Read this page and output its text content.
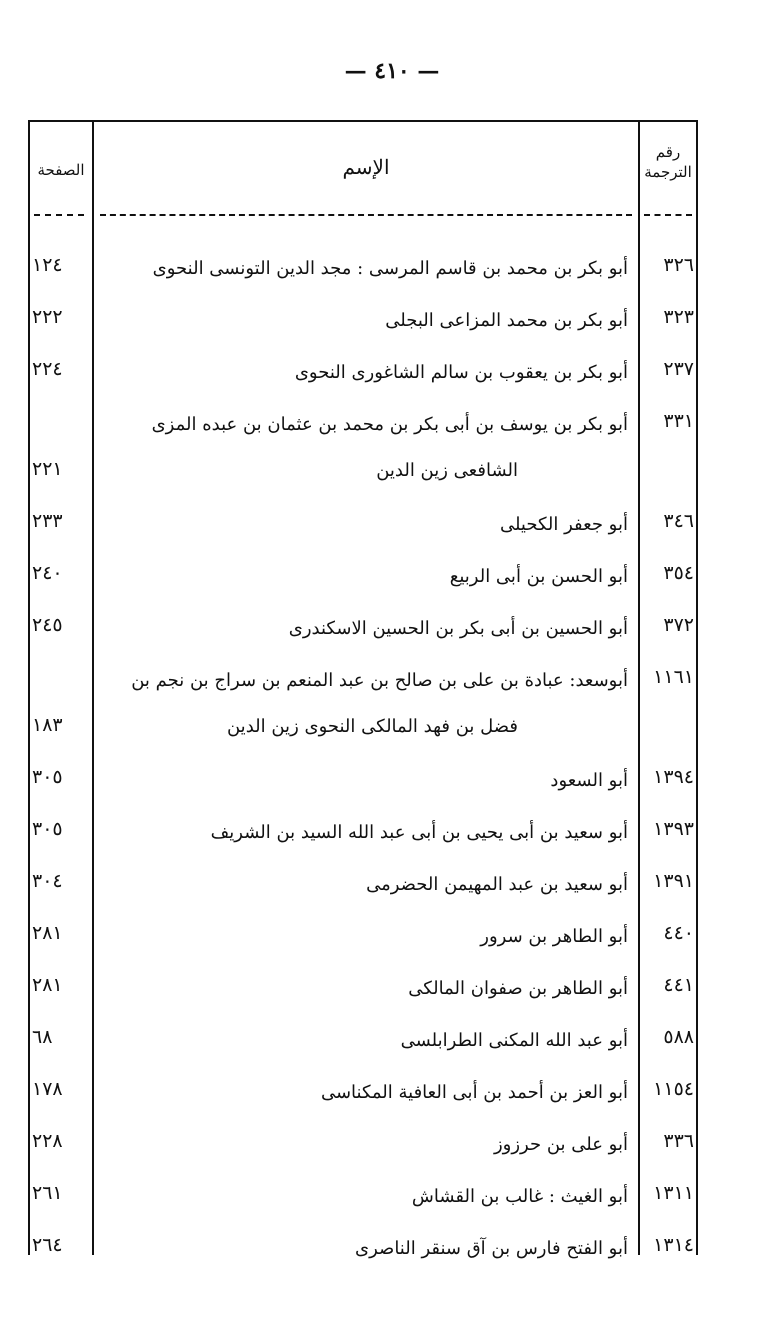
— ٤١٠ —
الصفحة	الإسم
رقم الترجمة
٣٢٦
أبو بكر بن محمد بن قاسم المرسى : مجد الدين التونسى النحوى
١٢٤
٣٢٣
أبو بكر بن محمد المزاعى البجلى
٢٢٢
٢٣٧
أبو بكر بن يعقوب بن سالم الشاغورى النحوى
٢٢٤
٣٣١
أبو بكر بن يوسف بن أبى بكر بن محمد بن عثمان بن عبده المزى
الشافعى زين الدين
٢٢١
٣٤٦
أبو جعفر الكحيلى
٢٣٣
٣٥٤
أبو الحسن بن أبى الربيع
٢٤٠
٣٧٢
أبو الحسين بن أبى بكر بن الحسين الاسكندرى
٢٤٥
١١٦١
أبوسعد: عبادة بن على بن صالح بن عبد المنعم بن سراج بن نجم بن
فضل بن فهد المالكى النحوى زين الدين
١٨٣
١٣٩٤
أبو السعود
٣٠٥
١٣٩٣
أبو سعيد بن أبى يحيى بن أبى عبد الله السيد بن الشريف
٣٠٥
١٣٩١
أبو سعيد بن عبد المهيمن الحضرمى
٣٠٤
٤٤٠
أبو الطاهر بن سرور
٢٨١
٤٤١
أبو الطاهر بن صفوان المالكى
٢٨١
٥٨٨
أبو عبد الله المكنى الطرابلسى
٦٨
١١٥٤
أبو العز بن أحمد بن أبى العافية المكناسى
١٧٨
٣٣٦
أبو على بن حرزوز
٢٢٨
١٣١١
أبو الغيث : غالب بن القشاش
٢٦١
١٣١٤
أبو الفتح فارس بن آق سنقر الناصرى
٢٦٤
